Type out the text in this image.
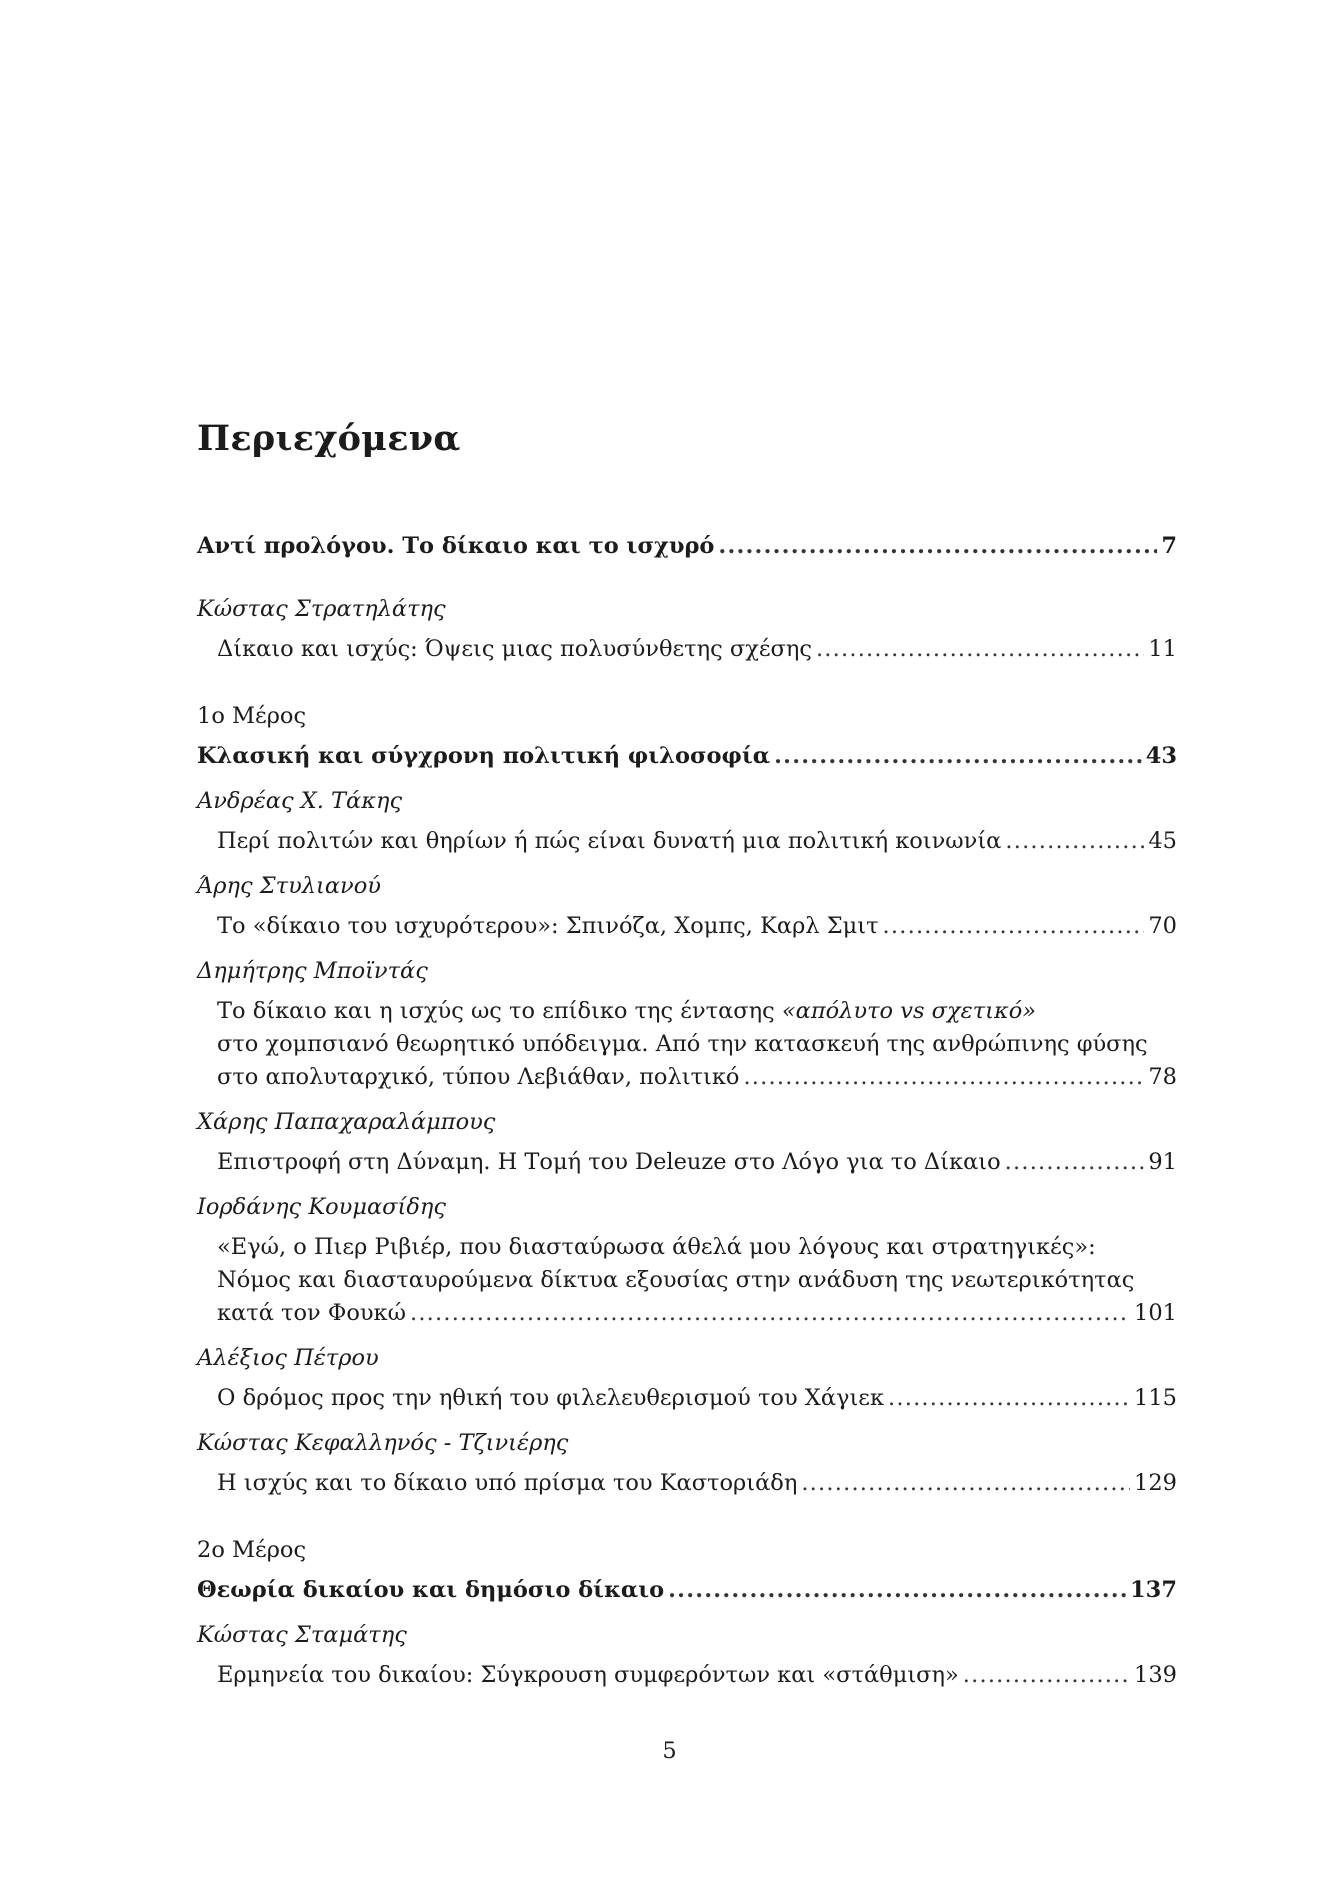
Περιεχόμενα
Αντί προλόγου. Το δίκαιο και το ισχυρό .....	7
Κώστας Στρατηλάτης
Δίκαιο και ισχύς: Όψεις μιας πολυσύνθετης σχέσης .....	11
1ο Μέρος
Κλασική και σύγχρονη πολιτική φιλοσοφία .....	43
Ανδρέας Χ. Τάκης
Περί πολιτών και θηρίων ή πώς είναι δυνατή μια πολιτική κοινωνία .....	45
Άρης Στυλιανού
Το «δίκαιο του ισχυρότερου»: Σπινόζα, Χομπς, Καρλ Σμιτ .....	70
Δημήτρης Μποϊντάς
Το δίκαιο και η ισχύς ως το επίδικο της έντασης «απόλυτο vs σχετικό»
στο χομπσιανό θεωρητικό υπόδειγμα. Από την κατασκευή της ανθρώπινης φύσης
στο απολυταρχικό, τύπου Λεβιάθαν, πολιτικό .....	78
Χάρης Παπαχαραλάμπους
Επιστροφή στη Δύναμη. Η Τομή του Deleuze στο Λόγο για το Δίκαιο .....	91
Ιορδάνης Κουμασίδης
«Εγώ, ο Πιερ Ριβιέρ, που διασταύρωσα άθελά μου λόγους και στρατηγικές»:
Νόμος και διασταυρούμενα δίκτυα εξουσίας στην ανάδυση της νεωτερικότητας
κατά τον Φουκώ .....	101
Αλέξιος Πέτρου
Ο δρόμος προς την ηθική του φιλελευθερισμού του Χάγιεκ .....	115
Κώστας Κεφαλληνός - Τζινιέρης
Η ισχύς και το δίκαιο υπό πρίσμα του Καστοριάδη .....	129
2ο Μέρος
Θεωρία δικαίου και δημόσιο δίκαιο .....	137
Κώστας Σταμάτης
Ερμηνεία του δικαίου: Σύγκρουση συμφερόντων και «στάθμιση» .....	139
5
